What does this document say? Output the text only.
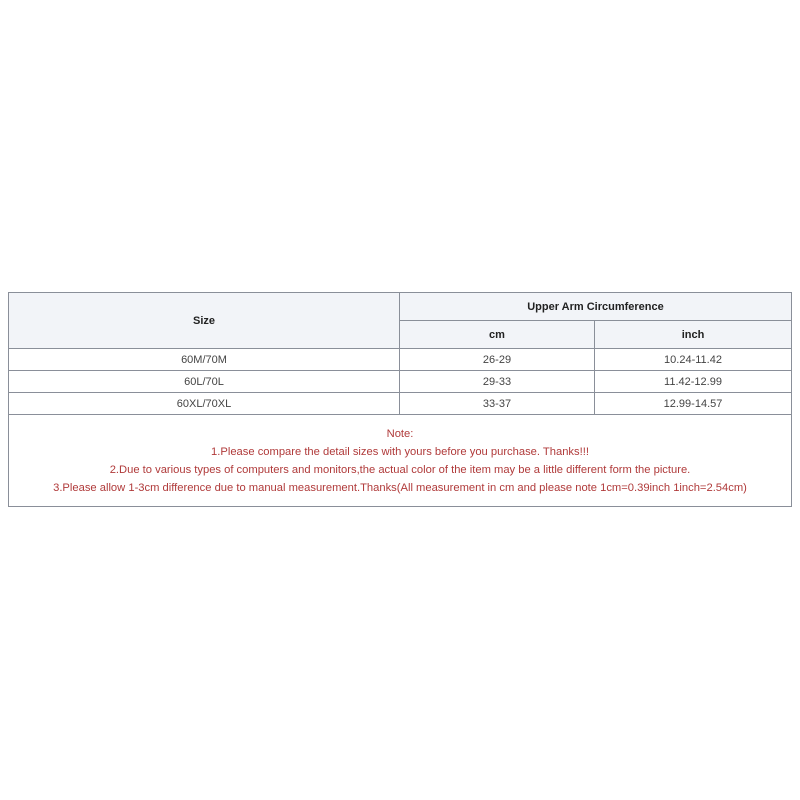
Size	Upper Arm Circumference	
	cm	inch
60M/70M	26-29	10.24-11.42
60L/70L	29-33	11.42-12.99
60XL/70XL	33-37	12.99-14.57

Note:
1.Please compare the detail sizes with yours before you purchase. Thanks!!!
2.Due to various types of computers and monitors,the actual color of the item may be a little different form the picture.
3.Please allow 1-3cm difference due to manual measurement.Thanks(All measurement in cm and please note 1cm=0.39inch 1inch=2.54cm)		
